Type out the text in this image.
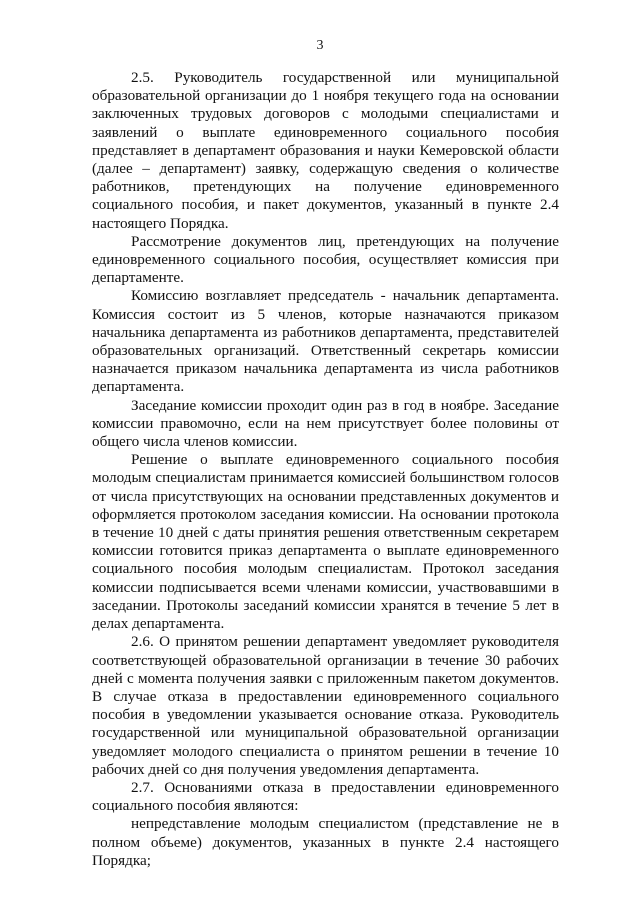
3

2.5. Руководитель государственной или муниципальной образовательной организации до 1 ноября текущего года на основании заключенных трудовых договоров с молодыми специалистами и заявлений о выплате единовременного социального пособия представляет в департамент образования и науки Кемеровской области (далее – департамент) заявку, содержащую сведения о количестве работников, претендующих на получение единовременного социального пособия, и пакет документов, указанный в пункте 2.4 настоящего Порядка.

Рассмотрение документов лиц, претендующих на получение единовременного социального пособия, осуществляет комиссия при департаменте.

Комиссию возглавляет председатель - начальник департамента. Комиссия состоит из 5 членов, которые назначаются приказом начальника департамента из работников департамента, представителей образовательных организаций. Ответственный секретарь комиссии назначается приказом начальника департамента из числа работников департамента.

Заседание комиссии проходит один раз в год в ноябре. Заседание комиссии правомочно, если на нем присутствует более половины от общего числа членов комиссии.

Решение о выплате единовременного социального пособия молодым специалистам принимается комиссией большинством голосов от числа присутствующих на основании представленных документов и оформляется протоколом заседания комиссии. На основании протокола в течение 10 дней с даты принятия решения ответственным секретарем комиссии готовится приказ департамента о выплате единовременного социального пособия молодым специалистам. Протокол заседания комиссии подписывается всеми членами комиссии, участвовавшими в заседании. Протоколы заседаний комиссии хранятся в течение 5 лет в делах департамента.

2.6. О принятом решении департамент уведомляет руководителя соответствующей образовательной организации в течение 30 рабочих дней с момента получения заявки с приложенным пакетом документов. В случае отказа в предоставлении единовременного социального пособия в уведомлении указывается основание отказа. Руководитель государственной или муниципальной образовательной организации уведомляет молодого специалиста о принятом решении в течение 10 рабочих дней со дня получения уведомления департамента.

2.7. Основаниями отказа в предоставлении единовременного социального пособия являются:

непредставление молодым специалистом (представление не в полном объеме) документов, указанных в пункте 2.4 настоящего Порядка;
